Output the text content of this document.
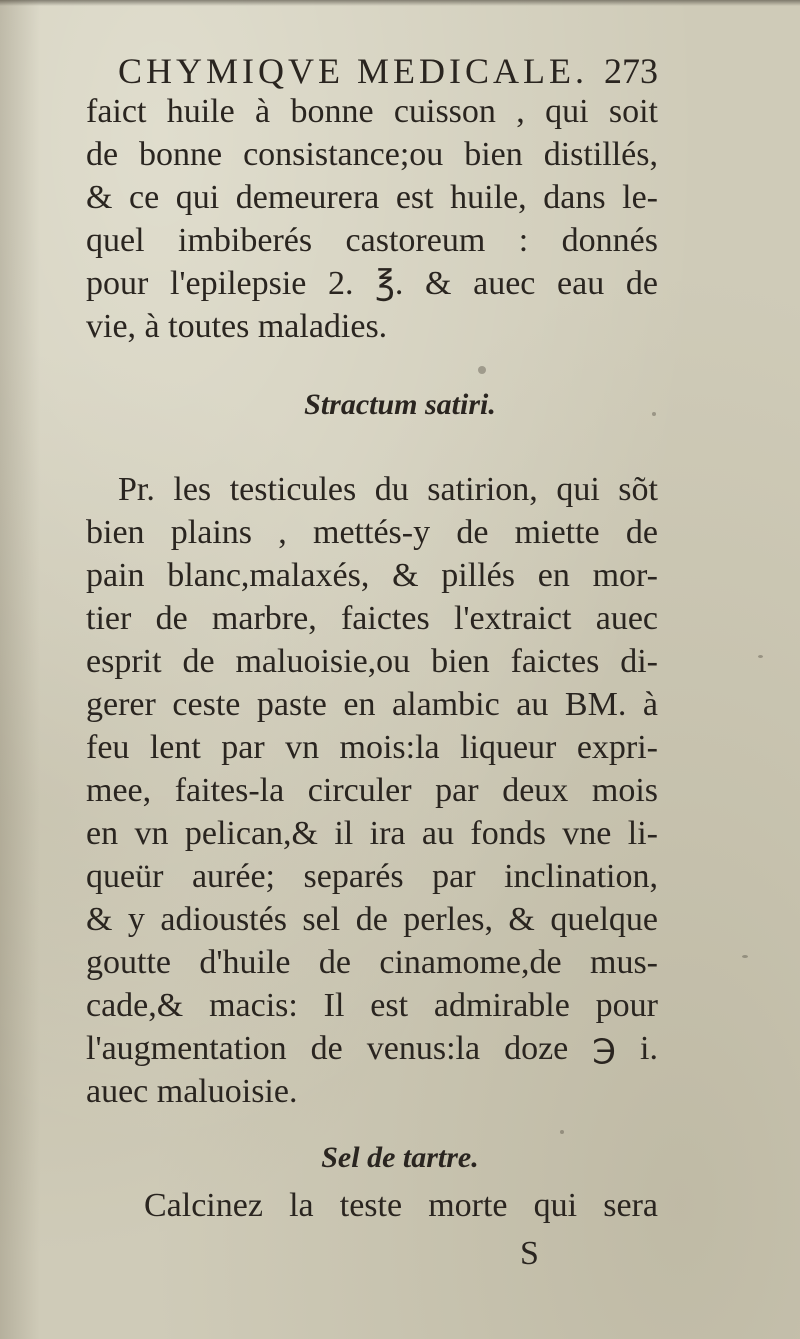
CHYMIQVE MEDICALE. 273
faict huile à bonne cuisson , qui soit
de bonne consistance;ou bien distillés,
& ce qui demeurera est huile, dans le-
quel imbiberés castoreum : donnés
pour l'epilepsie 2. ℥. & auec eau de
vie, à toutes maladies.
Stractum satiri.
Pr. les testicules du satirion, qui sõt
bien plains , mettés-y de miette de
pain blanc,malaxés, & pillés en mor-
tier de marbre, faictes l'extraict auec
esprit de maluoisie,ou bien faictes di-
gerer ceste paste en alambic au BM. à
feu lent par vn mois:la liqueur expri-
mee, faites-la circuler par deux mois
en vn pelican,& il ira au fonds vne li-
queür aurée; separés par inclination,
& y adioustés sel de perles, & quelque
goutte d'huile de cinamome,de mus-
cade,& macis: Il est admirable pour
l'augmentation de venus:la doze ℈ i.
auec maluoisie.
Sel de tartre.
Calcinez la teste morte qui sera
S
